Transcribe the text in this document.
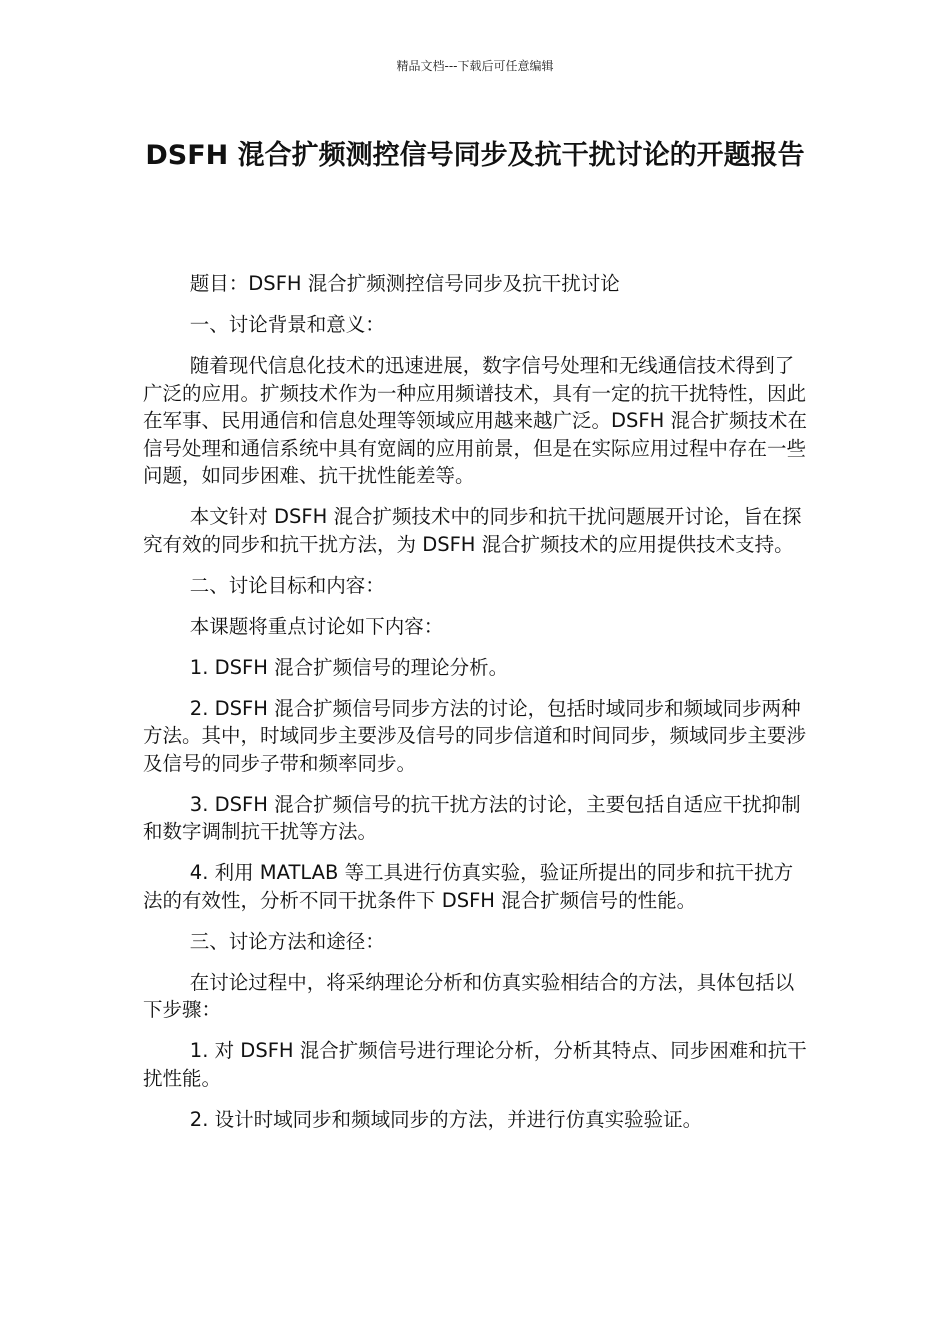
精品文档---下载后可任意编辑
DSFH 混合扩频测控信号同步及抗干扰讨论的开题报告

题目：DSFH 混合扩频测控信号同步及抗干扰讨论

一、讨论背景和意义：

随着现代信息化技术的迅速进展，数字信号处理和无线通信技术得到了广泛的应用。扩频技术作为一种应用频谱技术，具有一定的抗干扰特性，因此在军事、民用通信和信息处理等领域应用越来越广泛。DSFH 混合扩频技术在信号处理和通信系统中具有宽阔的应用前景，但是在实际应用过程中存在一些问题，如同步困难、抗干扰性能差等。

本文针对 DSFH 混合扩频技术中的同步和抗干扰问题展开讨论，旨在探究有效的同步和抗干扰方法，为 DSFH 混合扩频技术的应用提供技术支持。

二、讨论目标和内容：

本课题将重点讨论如下内容：

1. DSFH 混合扩频信号的理论分析。

2. DSFH 混合扩频信号同步方法的讨论，包括时域同步和频域同步两种方法。其中，时域同步主要涉及信号的同步信道和时间同步，频域同步主要涉及信号的同步子带和频率同步。

3. DSFH 混合扩频信号的抗干扰方法的讨论，主要包括自适应干扰抑制和数字调制抗干扰等方法。

4. 利用 MATLAB 等工具进行仿真实验，验证所提出的同步和抗干扰方法的有效性，分析不同干扰条件下 DSFH 混合扩频信号的性能。

三、讨论方法和途径：

在讨论过程中，将采纳理论分析和仿真实验相结合的方法，具体包括以下步骤：

1. 对 DSFH 混合扩频信号进行理论分析，分析其特点、同步困难和抗干扰性能。

2. 设计时域同步和频域同步的方法，并进行仿真实验验证。
